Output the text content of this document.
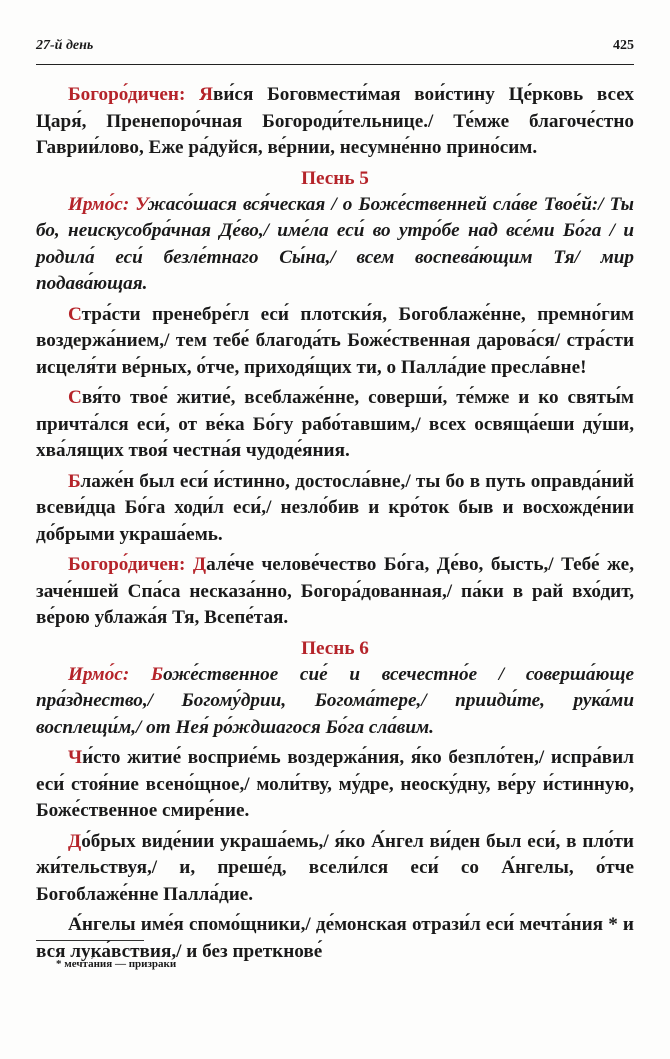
27-й день	425

Богоро́дичен: Яви́ся Боговмести́мая вои́стину Це́рковь всех Царя́, Пренепоро́чная Богороди́тельнице./ Те́мже благоче́стно Гаврии́лово, Еже ра́дуйся, ве́рнии, несумне́нно прино́сим.

Песнь 5

Ирмо́с: Ужасо́шася вся́ческая / о Боже́ственней сла́ве Твое́й:/ Ты бо, неискусобра́чная Де́во,/ име́ла еси́ во утро́бе над все́ми Бо́га / и родила́ еси́ безле́тнаго Сы́на,/ всем воспева́ющим Тя/ мир подава́ющая.

Стра́сти пренебре́гл еси́ плотски́я, Богоблаже́нне, премно́гим воздержа́нием,/ тем тебе́ благода́ть Боже́ственная дарова́ся/ стра́сти исцеля́ти ве́рных, о́тче, приходя́щих ти, о Палла́дие пресла́вне!

Свя́то твое́ житие́, всеблаже́нне, соверши́, те́мже и ко святы́м причта́лся еси́, от ве́ка Бо́гу рабо́тавшим,/ всех освяща́еши ду́ши, хва́лящих твоя́ честна́я чудоде́яния.

Блаже́н был еси́ и́стинно, достосла́вне,/ ты бо в путь оправда́ний всеви́дца Бо́га ходи́л еси́,/ незло́бив и кро́ток быв и восхожде́нии до́брыми украша́емь.

Богоро́дичен: Дале́че челове́чество Бо́га, Де́во, бысть,/ Тебе́ же, заче́ншей Спа́са несказа́нно, Богора́дованная,/ па́ки в рай вхо́дит, ве́рою ублажа́я Тя, Всепе́тая.

Песнь 6

Ирмо́с: Боже́ственное сие́ и всечестно́е / соверша́юще пра́зднество,/ Богому́дрии, Богома́тере,/ прииди́те, рука́ми восплещи́м,/ от Нея́ ро́ждшагося Бо́га сла́вим.

Чи́сто житие́ восприе́мь воздержа́ния, я́ко безпло́тен,/ испра́вил еси́ стоя́ние всено́щное,/ моли́тву, му́дре, неоску́дну, ве́ру и́стинную, Боже́ственное смире́ние.

До́брых виде́нии украша́емь,/ я́ко А́нгел ви́ден был еси́, в пло́ти жи́тельствуя,/ и, преше́д, всели́лся еси́ со А́нгелы, о́тче Богоблаже́нне Палла́дие.

А́нгелы име́я спомо́щники,/ де́монская отрази́л еси́ мечта́ния * и вся лука́вствия,/ и без преткнове́

* мечта́ния — призраки
